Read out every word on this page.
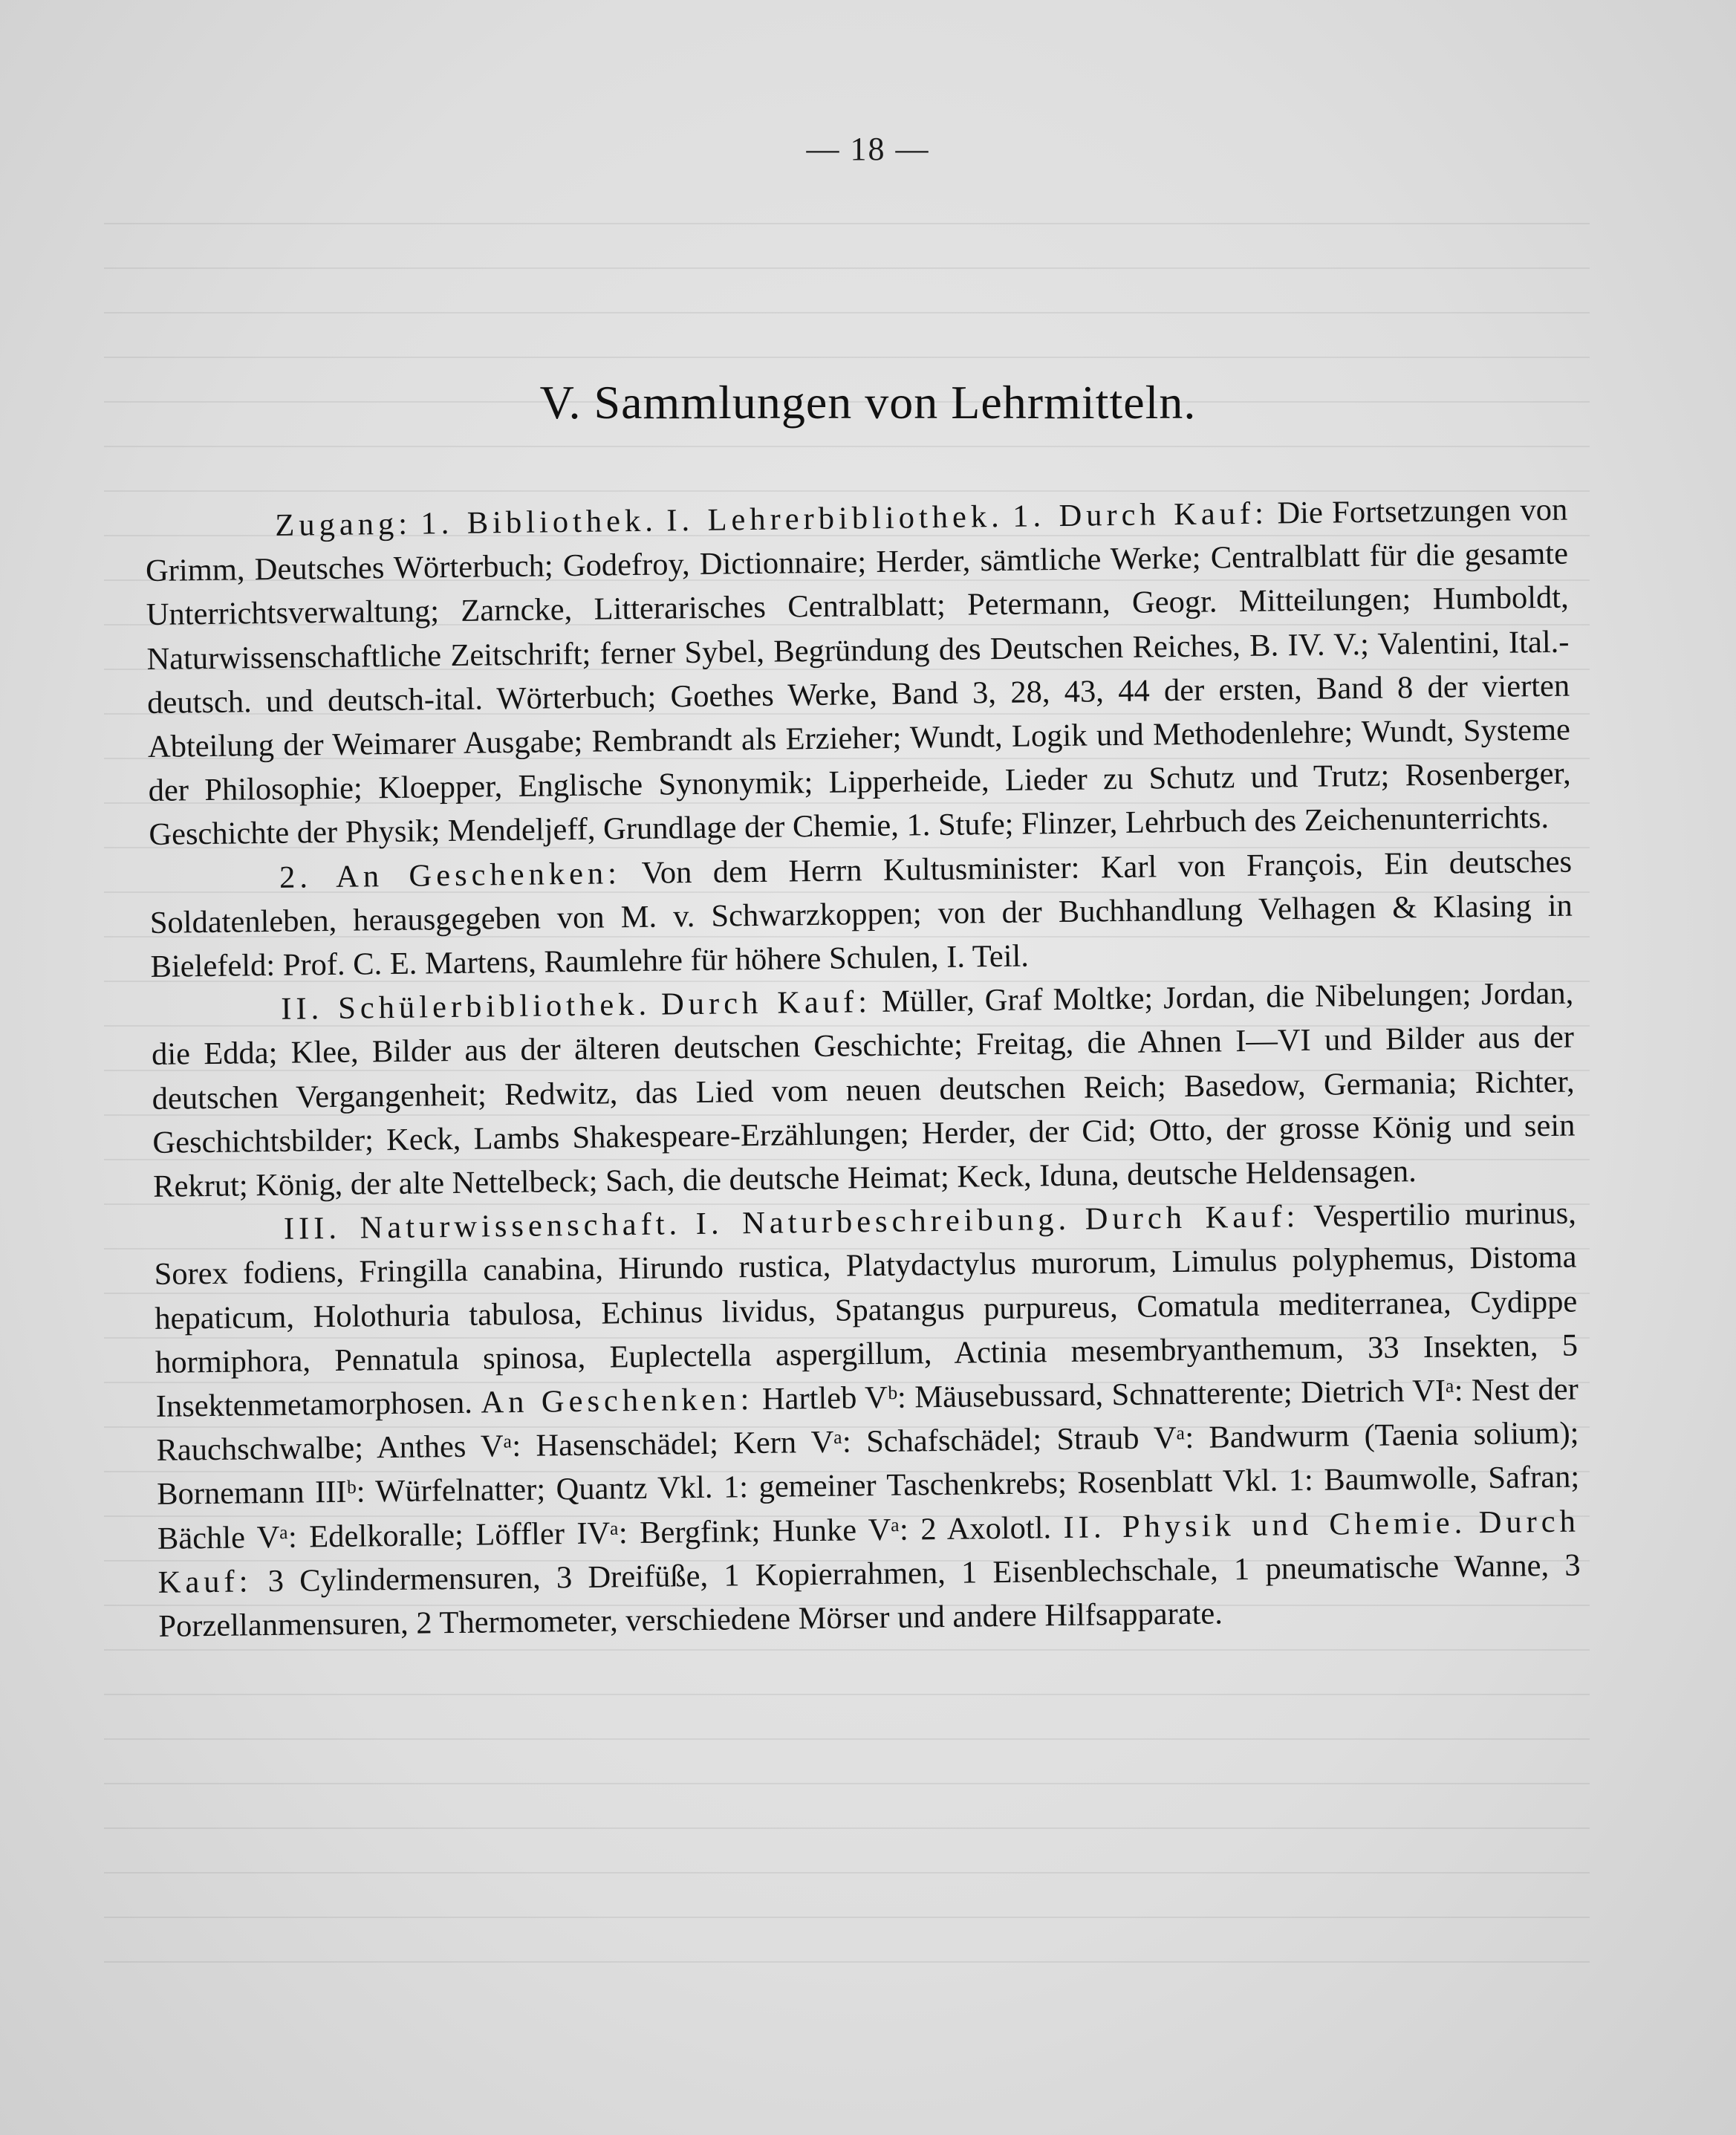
— 18 —
V. Sammlungen von Lehrmitteln.

Zugang: 1. Bibliothek. I. Lehrerbibliothek. 1. Durch Kauf: Die Fortsetzungen von Grimm, Deutsches Wörterbuch; Godefroy, Dictionnaire; Herder, sämtliche Werke; Centralblatt für die gesamte Unterrichtsverwaltung; Zarncke, Litterarisches Centralblatt; Petermann, Geogr. Mitteilungen; Humboldt, Naturwissenschaftliche Zeitschrift; ferner Sybel, Begründung des Deutschen Reiches, B. IV. V.; Valentini, Ital.-deutsch. und deutsch-ital. Wörterbuch; Goethes Werke, Band 3, 28, 43, 44 der ersten, Band 8 der vierten Abteilung der Weimarer Ausgabe; Rembrandt als Erzieher; Wundt, Logik und Methodenlehre; Wundt, Systeme der Philosophie; Kloepper, Englische Synonymik; Lipperheide, Lieder zu Schutz und Trutz; Rosenberger, Geschichte der Physik; Mendeljeff, Grundlage der Chemie, 1. Stufe; Flinzer, Lehrbuch des Zeichenunterrichts.

2. An Geschenken: Von dem Herrn Kultusminister: Karl von François, Ein deutsches Soldatenleben, herausgegeben von M. v. Schwarzkoppen; von der Buchhandlung Velhagen & Klasing in Bielefeld: Prof. C. E. Martens, Raumlehre für höhere Schulen, I. Teil.

II. Schülerbibliothek. Durch Kauf: Müller, Graf Moltke; Jordan, die Nibelungen; Jordan, die Edda; Klee, Bilder aus der älteren deutschen Geschichte; Freitag, die Ahnen I—VI und Bilder aus der deutschen Vergangenheit; Redwitz, das Lied vom neuen deutschen Reich; Basedow, Germania; Richter, Geschichtsbilder; Keck, Lambs Shakespeare-Erzählungen; Herder, der Cid; Otto, der grosse König und sein Rekrut; König, der alte Nettelbeck; Sach, die deutsche Heimat; Keck, Iduna, deutsche Heldensagen.

III. Naturwissenschaft. I. Naturbeschreibung. Durch Kauf: Vespertilio murinus, Sorex fodiens, Fringilla canabina, Hirundo rustica, Platydactylus murorum, Limulus polyphemus, Distoma hepaticum, Holothuria tabulosa, Echinus lividus, Spatangus purpureus, Comatula mediterranea, Cydippe hormiphora, Pennatula spinosa, Euplectella aspergillum, Actinia mesembryanthemum, 33 Insekten, 5 Insektenmetamorphosen. An Geschenken: Hartleb Vᵇ: Mäusebussard, Schnatterente; Dietrich VIᵃ: Nest der Rauchschwalbe; Anthes Vᵃ: Hasenschädel; Kern Vᵃ: Schafschädel; Straub Vᵃ: Bandwurm (Taenia solium); Bornemann IIIᵇ: Würfelnatter; Quantz Vkl. 1: gemeiner Taschenkrebs; Rosenblatt Vkl. 1: Baumwolle, Safran; Bächle Vᵃ: Edelkoralle; Löffler IVᵃ: Bergfink; Hunke Vᵃ: 2 Axolotl. II. Physik und Chemie. Durch Kauf: 3 Cylindermensuren, 3 Dreifüße, 1 Kopierrahmen, 1 Eisenblechschale, 1 pneumatische Wanne, 3 Porzellanmensuren, 2 Thermometer, verschiedene Mörser und andere Hilfsapparate.
